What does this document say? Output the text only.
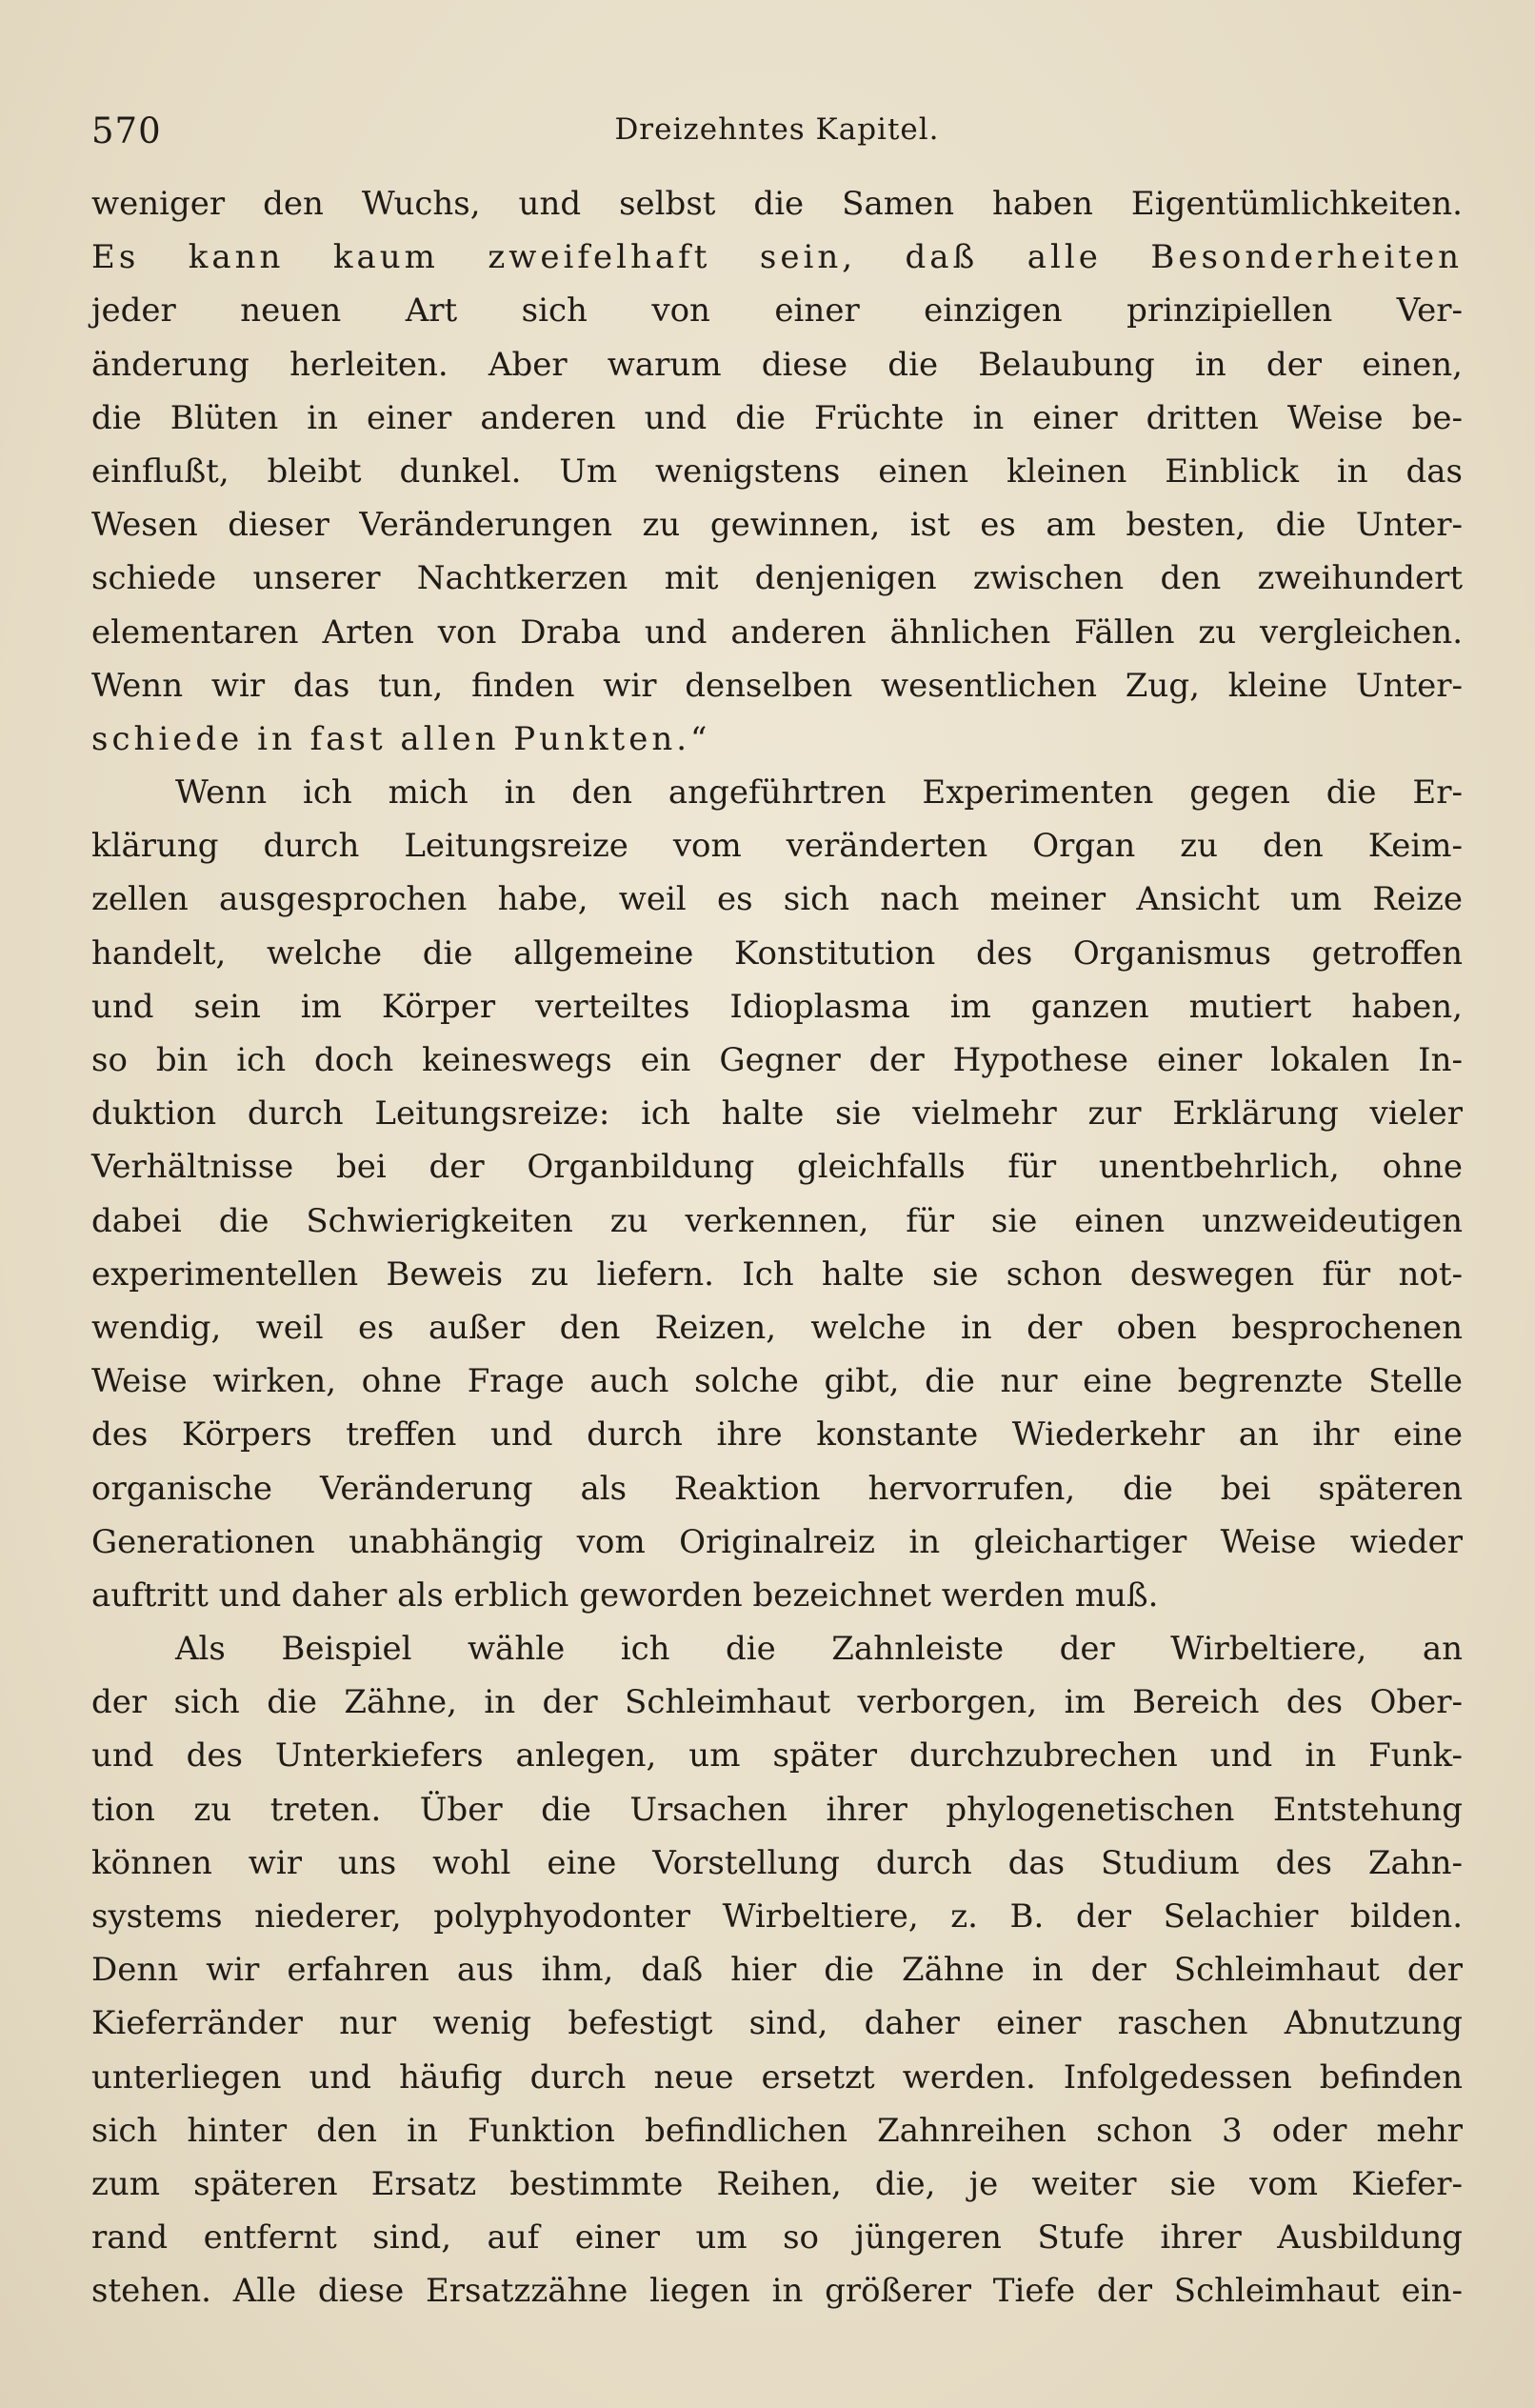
570	Dreizehntes Kapitel.

weniger den Wuchs, und selbst die Samen haben Eigentümlichkeiten.
Es kann kaum zweifelhaft sein, daß alle Besonderheiten
jeder neuen Art sich von einer einzigen prinzipiellen Ver-
änderung herleiten. Aber warum diese die Belaubung in der einen,
die Blüten in einer anderen und die Früchte in einer dritten Weise be-
einflußt, bleibt dunkel. Um wenigstens einen kleinen Einblick in das
Wesen dieser Veränderungen zu gewinnen, ist es am besten, die Unter-
schiede unserer Nachtkerzen mit denjenigen zwischen den zweihundert
elementaren Arten von Draba und anderen ähnlichen Fällen zu vergleichen.
Wenn wir das tun, finden wir denselben wesentlichen Zug, kleine Unter-
schiede in fast allen Punkten.“

Wenn ich mich in den angeführtren Experimenten gegen die Er-
klärung durch Leitungsreize vom veränderten Organ zu den Keim-
zellen ausgesprochen habe, weil es sich nach meiner Ansicht um Reize
handelt, welche die allgemeine Konstitution des Organismus getroffen
und sein im Körper verteiltes Idioplasma im ganzen mutiert haben,
so bin ich doch keineswegs ein Gegner der Hypothese einer lokalen In-
duktion durch Leitungsreize: ich halte sie vielmehr zur Erklärung vieler
Verhältnisse bei der Organbildung gleichfalls für unentbehrlich, ohne
dabei die Schwierigkeiten zu verkennen, für sie einen unzweideutigen
experimentellen Beweis zu liefern. Ich halte sie schon deswegen für not-
wendig, weil es außer den Reizen, welche in der oben besprochenen
Weise wirken, ohne Frage auch solche gibt, die nur eine begrenzte Stelle
des Körpers treffen und durch ihre konstante Wiederkehr an ihr eine
organische Veränderung als Reaktion hervorrufen, die bei späteren
Generationen unabhängig vom Originalreiz in gleichartiger Weise wieder
auftritt und daher als erblich geworden bezeichnet werden muß.

Als Beispiel wähle ich die Zahnleiste der Wirbeltiere, an
der sich die Zähne, in der Schleimhaut verborgen, im Bereich des Ober-
und des Unterkiefers anlegen, um später durchzubrechen und in Funk-
tion zu treten. Über die Ursachen ihrer phylogenetischen Entstehung
können wir uns wohl eine Vorstellung durch das Studium des Zahn-
systems niederer, polyphyodonter Wirbeltiere, z. B. der Selachier bilden.
Denn wir erfahren aus ihm, daß hier die Zähne in der Schleimhaut der
Kieferränder nur wenig befestigt sind, daher einer raschen Abnutzung
unterliegen und häufig durch neue ersetzt werden. Infolgedessen befinden
sich hinter den in Funktion befindlichen Zahnreihen schon 3 oder mehr
zum späteren Ersatz bestimmte Reihen, die, je weiter sie vom Kiefer-
rand entfernt sind, auf einer um so jüngeren Stufe ihrer Ausbildung
stehen. Alle diese Ersatzzähne liegen in größerer Tiefe der Schleimhaut ein-
